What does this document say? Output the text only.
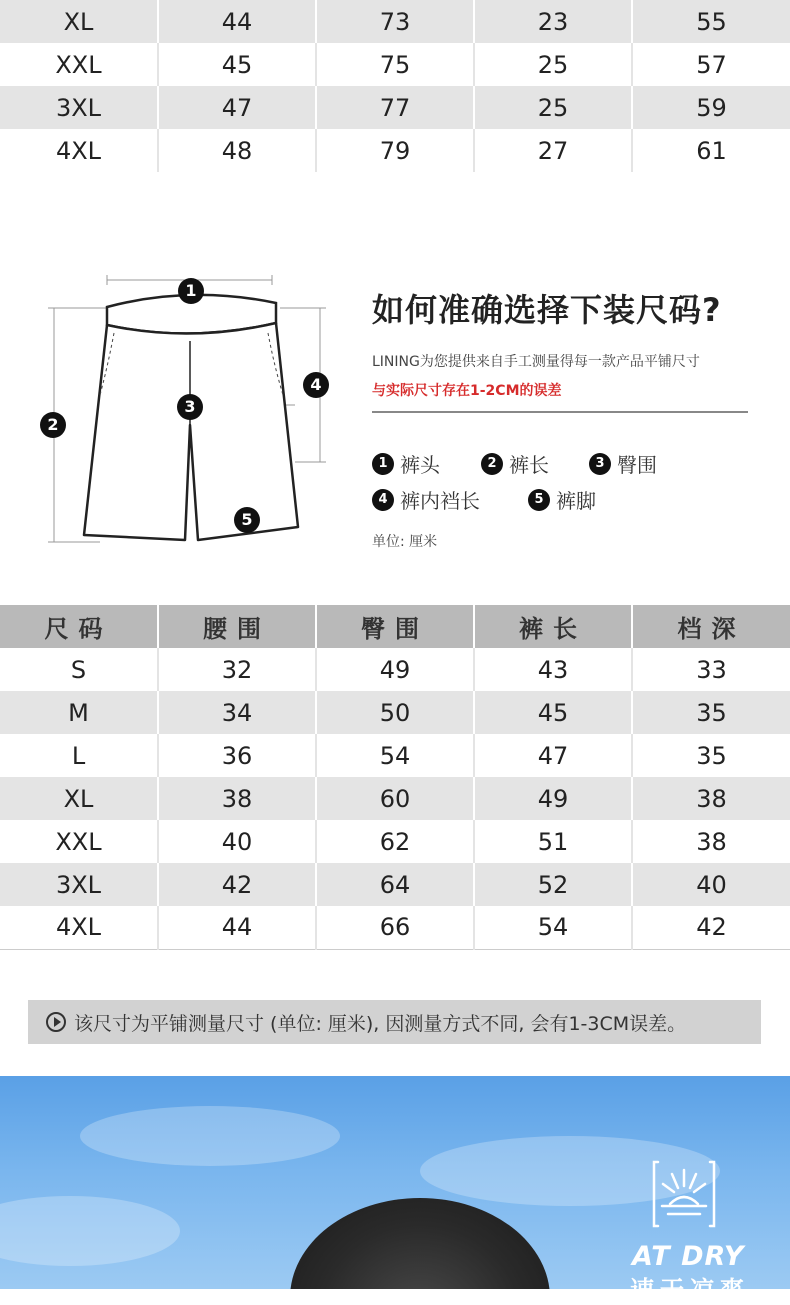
XL	44	73	23	55
XXL	45	75	25	57
3XL	47	77	25	59
4XL	48	79	27	61
1
2
3
4
5
如何准确选择下装尺码?
LINING为您提供来自手工测量得每一款产品平铺尺寸
与实际尺寸存在1-2CM的误差
1 裤头	2 裤长	3 臀围
4 裤内裆长	5 裤脚
单位: 厘米
尺码	腰围	臀围	裤长	档深
S	32	49	43	33
M	34	50	45	35
L	36	54	47	35
XL	38	60	49	38
XXL	40	62	51	38
3XL	42	64	52	40
4XL	44	66	54	42
该尺寸为平铺测量尺寸 (单位: 厘米), 因测量方式不同, 会有1-3CM误差。
AT DRY
速干凉爽
